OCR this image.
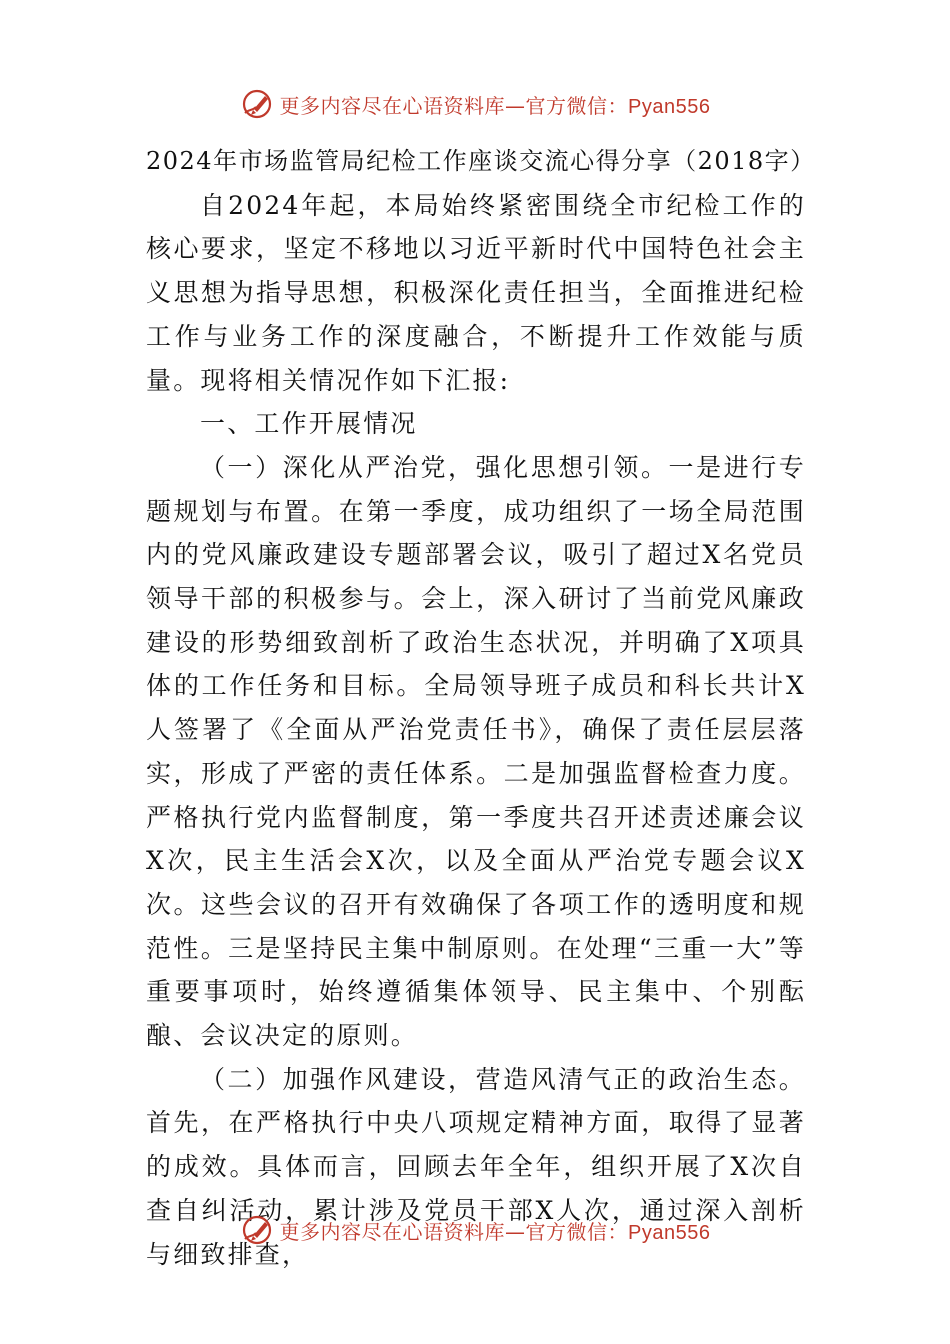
更多内容尽在心语资料库—官方微信：Pyan556

2024年市场监管局纪检工作座谈交流心得分享（2018字）

自2024年起，本局始终紧密围绕全市纪检工作的核心要求，坚定不移地以习近平新时代中国特色社会主义思想为指导思想，积极深化责任担当，全面推进纪检工作与业务工作的深度融合，不断提升工作效能与质量。现将相关情况作如下汇报:

一、工作开展情况

（一）深化从严治党，强化思想引领。一是进行专题规划与布置。在第一季度，成功组织了一场全局范围内的党风廉政建设专题部署会议，吸引了超过X名党员领导干部的积极参与。会上，深入研讨了当前党风廉政建设的形势细致剖析了政治生态状况，并明确了X项具体的工作任务和目标。全局领导班子成员和科长共计X人签署了《全面从严治党责任书》，确保了责任层层落实，形成了严密的责任体系。二是加强监督检查力度。严格执行党内监督制度，第一季度共召开述责述廉会议X次，民主生活会X次，以及全面从严治党专题会议X次。这些会议的召开有效确保了各项工作的透明度和规范性。三是坚持民主集中制原则。在处理“三重一大”等重要事项时，始终遵循集体领导、民主集中、个别酝酿、会议决定的原则。

（二）加强作风建设，营造风清气正的政治生态。首先，在严格执行中央八项规定精神方面，取得了显著的成效。具体而言，回顾去年全年，组织开展了X次自查自纠活动，累计涉及党员干部X人次，通过深入剖析与细致排查，

更多内容尽在心语资料库—官方微信：Pyan556
